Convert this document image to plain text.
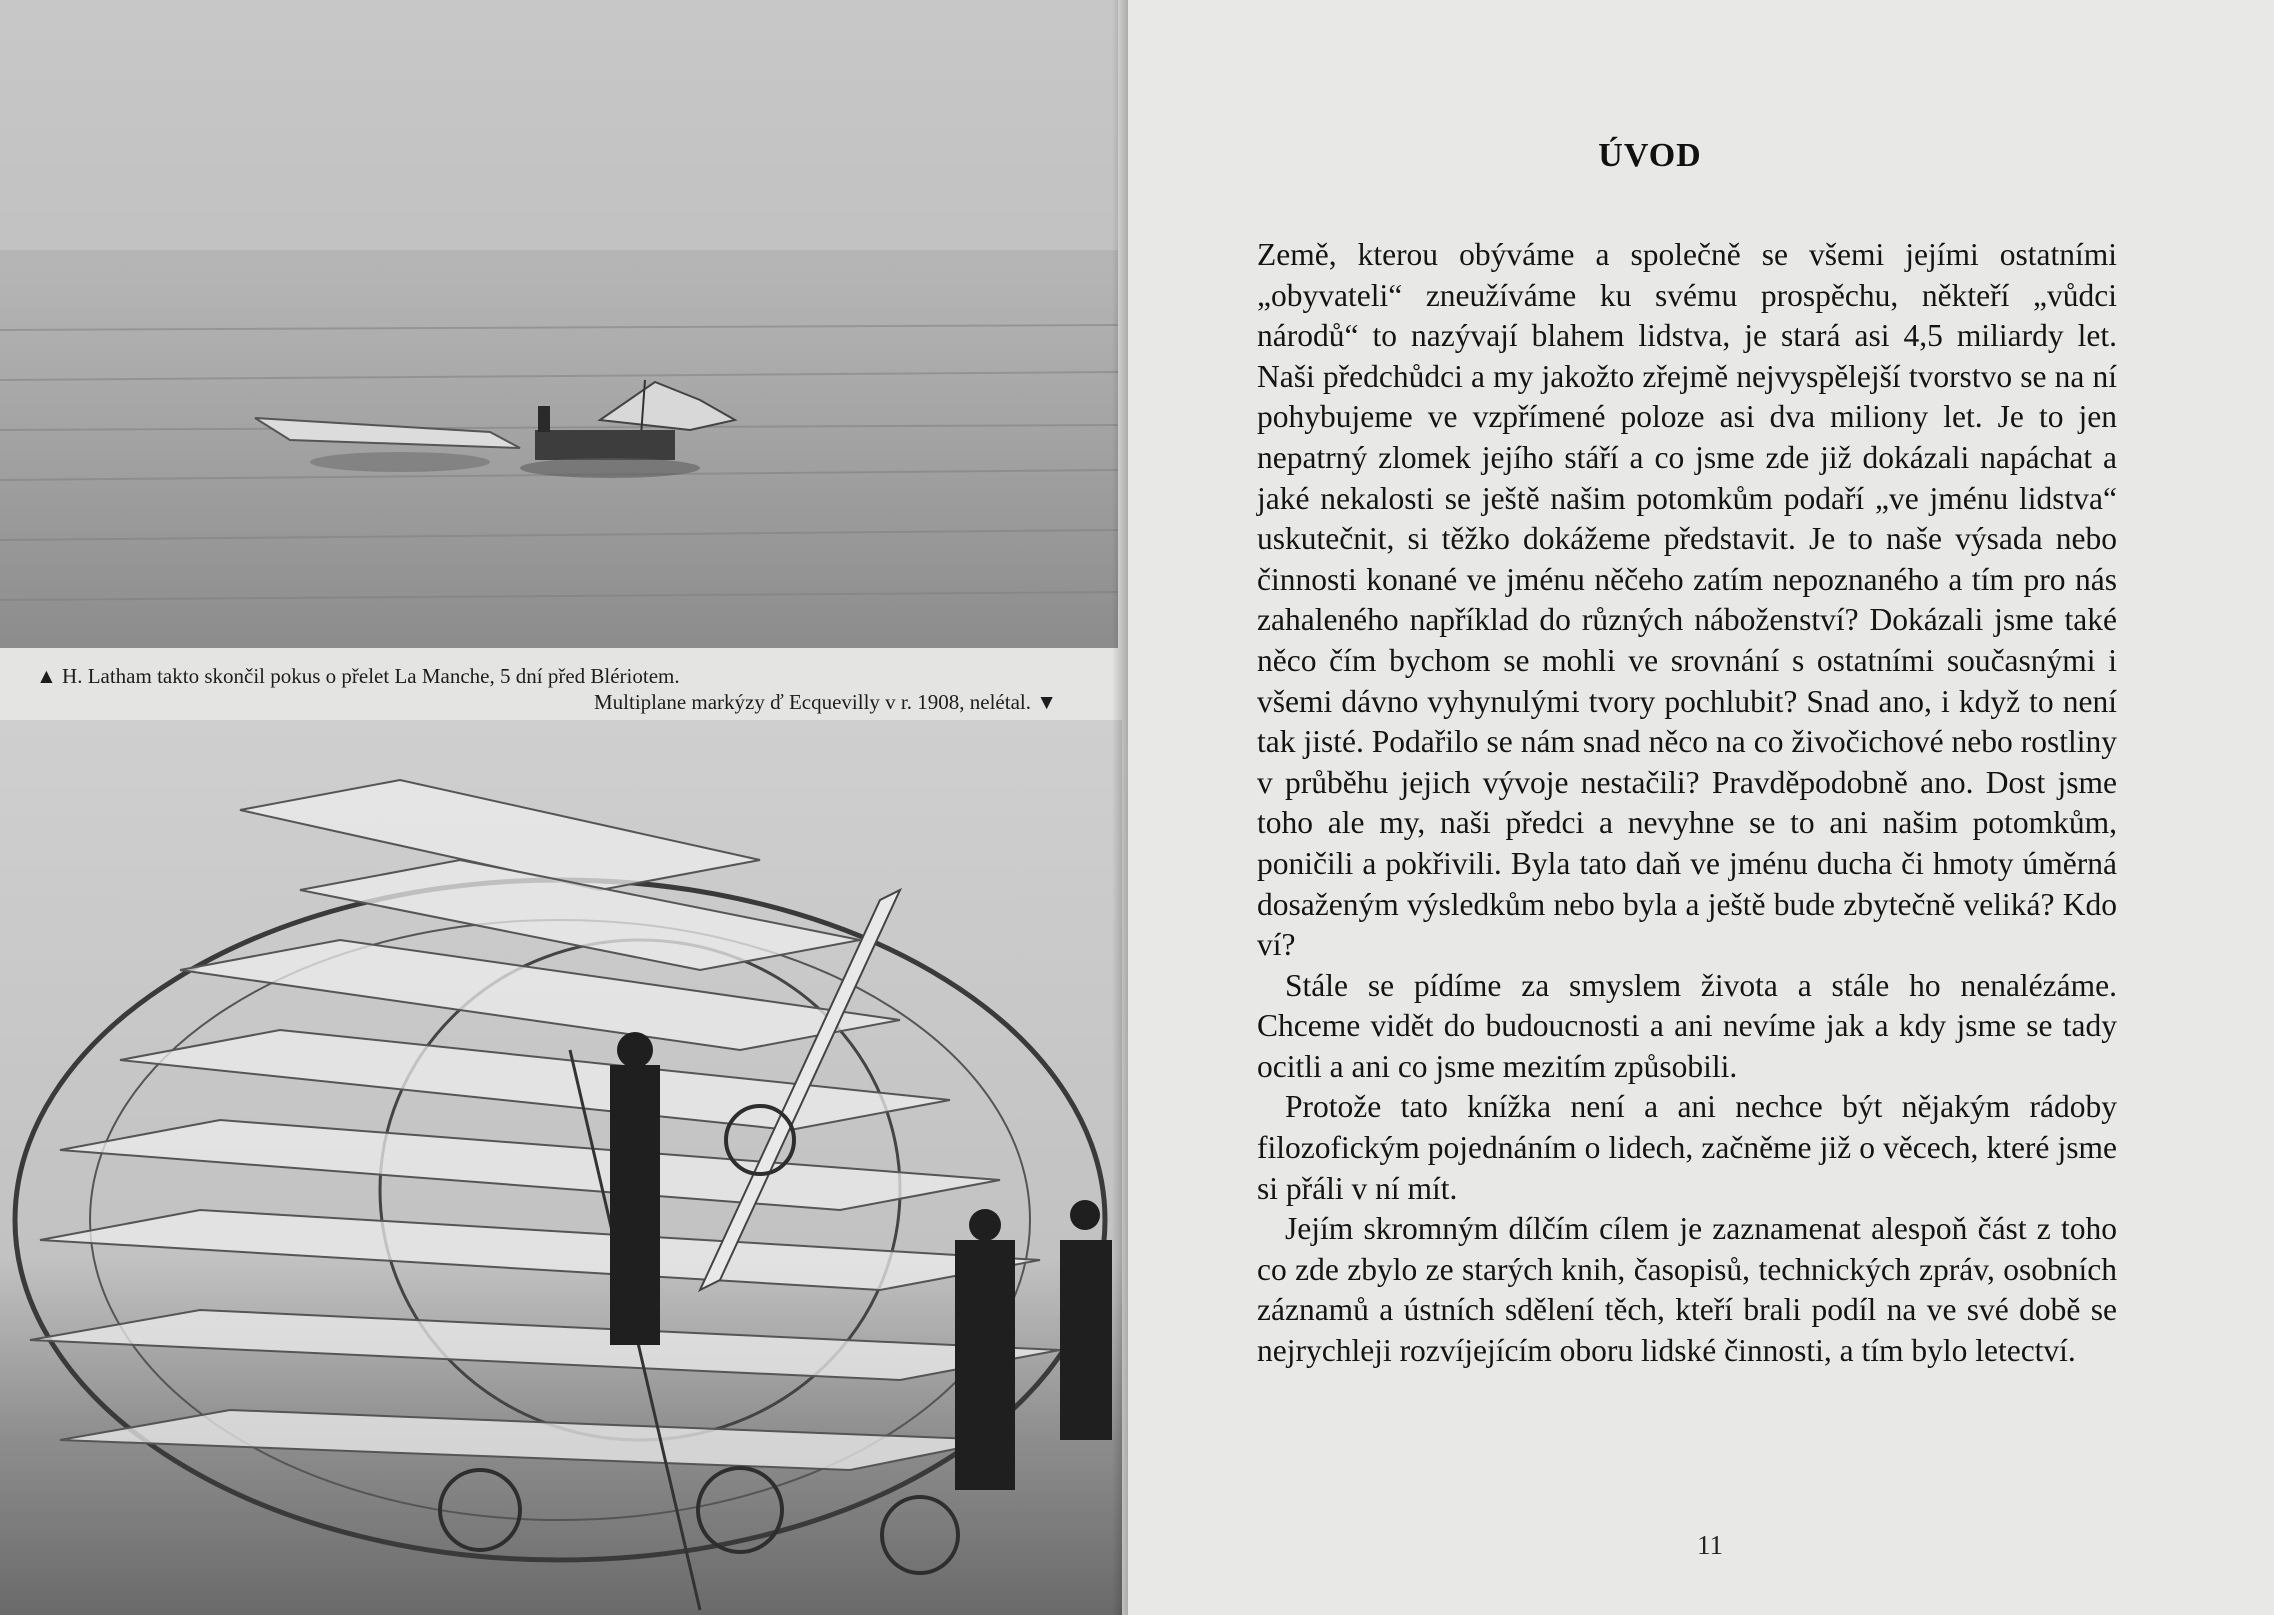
▲ H. Latham takto skončil pokus o přelet La Manche, 5 dní před Blériotem.
Multiplane markýzy ď Ecquevilly v r. 1908, nelétal. ▼
ÚVOD

Země, kterou obýváme a společně se všemi jejími ostatními „obyvateli“ zneužíváme ku svému prospěchu, někteří „vůdci národů“ to nazývají blahem lidstva, je stará asi 4,5 miliardy let. Naši předchůdci a my jakožto zřejmě nejvyspělejší tvorstvo se na ní pohybujeme ve vzpřímené poloze asi dva miliony let. Je to jen nepatrný zlomek jejího stáří a co jsme zde již dokázali napáchat a jaké nekalosti se ještě našim potomkům podaří „ve jménu lidstva“ uskutečnit, si těžko dokážeme představit. Je to naše výsada nebo činnosti konané ve jménu něčeho zatím nepoznaného a tím pro nás zahaleného například do různých náboženství? Dokázali jsme také něco čím bychom se mohli ve srovnání s ostatními současnými i všemi dávno vyhynulými tvory pochlubit? Snad ano, i když to není tak jisté. Podařilo se nám snad něco na co živočichové nebo rostliny v průběhu jejich vývoje nestačili? Pravděpodobně ano. Dost jsme toho ale my, naši předci a nevyhne se to ani našim potomkům, poničili a pokřivili. Byla tato daň ve jménu ducha či hmoty úměrná dosaženým výsledkům nebo byla a ještě bude zbytečně veliká? Kdo ví?

Stále se pídíme za smyslem života a stále ho nenalézáme. Chceme vidět do budoucnosti a ani nevíme jak a kdy jsme se tady ocitli a ani co jsme mezitím způsobili.

Protože tato knížka není a ani nechce být nějakým rádoby filozofickým pojednáním o lidech, začněme již o věcech, které jsme si přáli v ní mít.

Jejím skromným dílčím cílem je zaznamenat alespoň část z toho co zde zbylo ze starých knih, časopisů, technických zpráv, osobních záznamů a ústních sdělení těch, kteří brali podíl na ve své době se nejrychleji rozvíjejícím oboru lidské činnosti, a tím bylo letectví.

11
